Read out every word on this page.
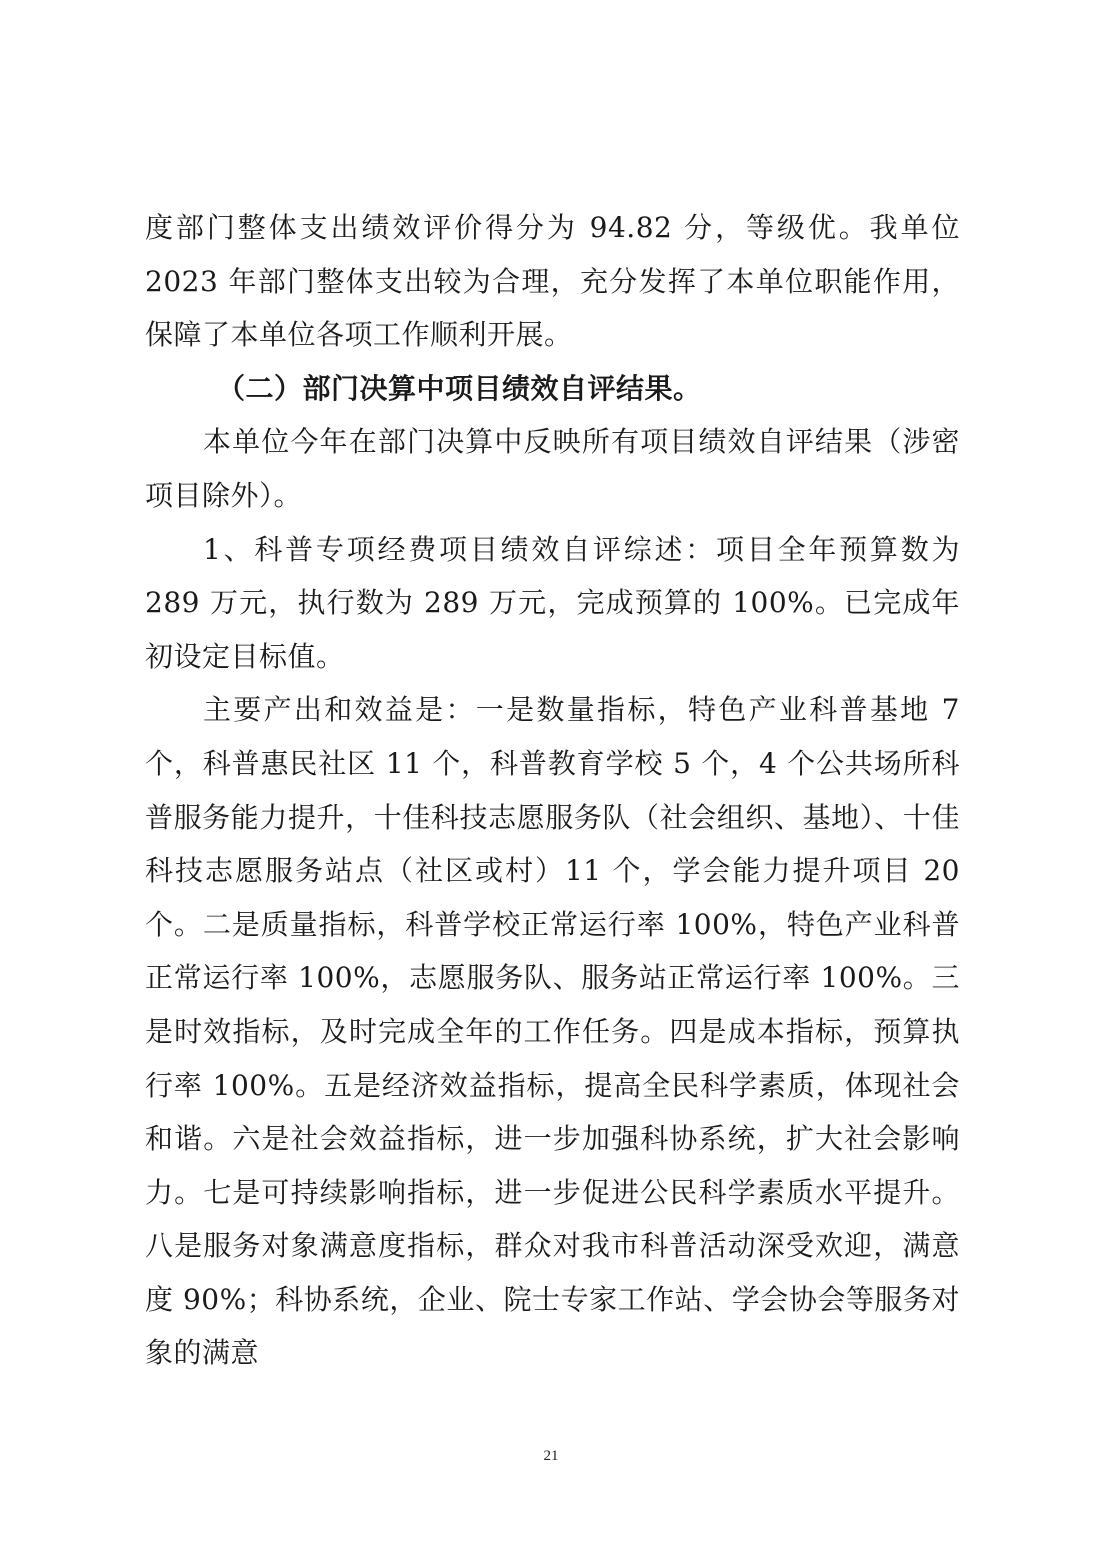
度部门整体支出绩效评价得分为 94.82 分，等级优。我单位 2023 年部门整体支出较为合理，充分发挥了本单位职能作用，保障了本单位各项工作顺利开展。

（二）部门决算中项目绩效自评结果。

本单位今年在部门决算中反映所有项目绩效自评结果（涉密项目除外）。

1、科普专项经费项目绩效自评综述：项目全年预算数为 289 万元，执行数为 289 万元，完成预算的 100%。已完成年初设定目标值。

主要产出和效益是：一是数量指标，特色产业科普基地 7 个，科普惠民社区 11 个，科普教育学校 5 个，4 个公共场所科普服务能力提升，十佳科技志愿服务队（社会组织、基地）、十佳科技志愿服务站点（社区或村）11 个，学会能力提升项目 20 个。二是质量指标，科普学校正常运行率 100%，特色产业科普正常运行率 100%，志愿服务队、服务站正常运行率 100%。三是时效指标，及时完成全年的工作任务。四是成本指标，预算执行率 100%。五是经济效益指标，提高全民科学素质，体现社会和谐。六是社会效益指标，进一步加强科协系统，扩大社会影响力。七是可持续影响指标，进一步促进公民科学素质水平提升。八是服务对象满意度指标，群众对我市科普活动深受欢迎，满意度 90%；科协系统，企业、院士专家工作站、学会协会等服务对象的满意

21
